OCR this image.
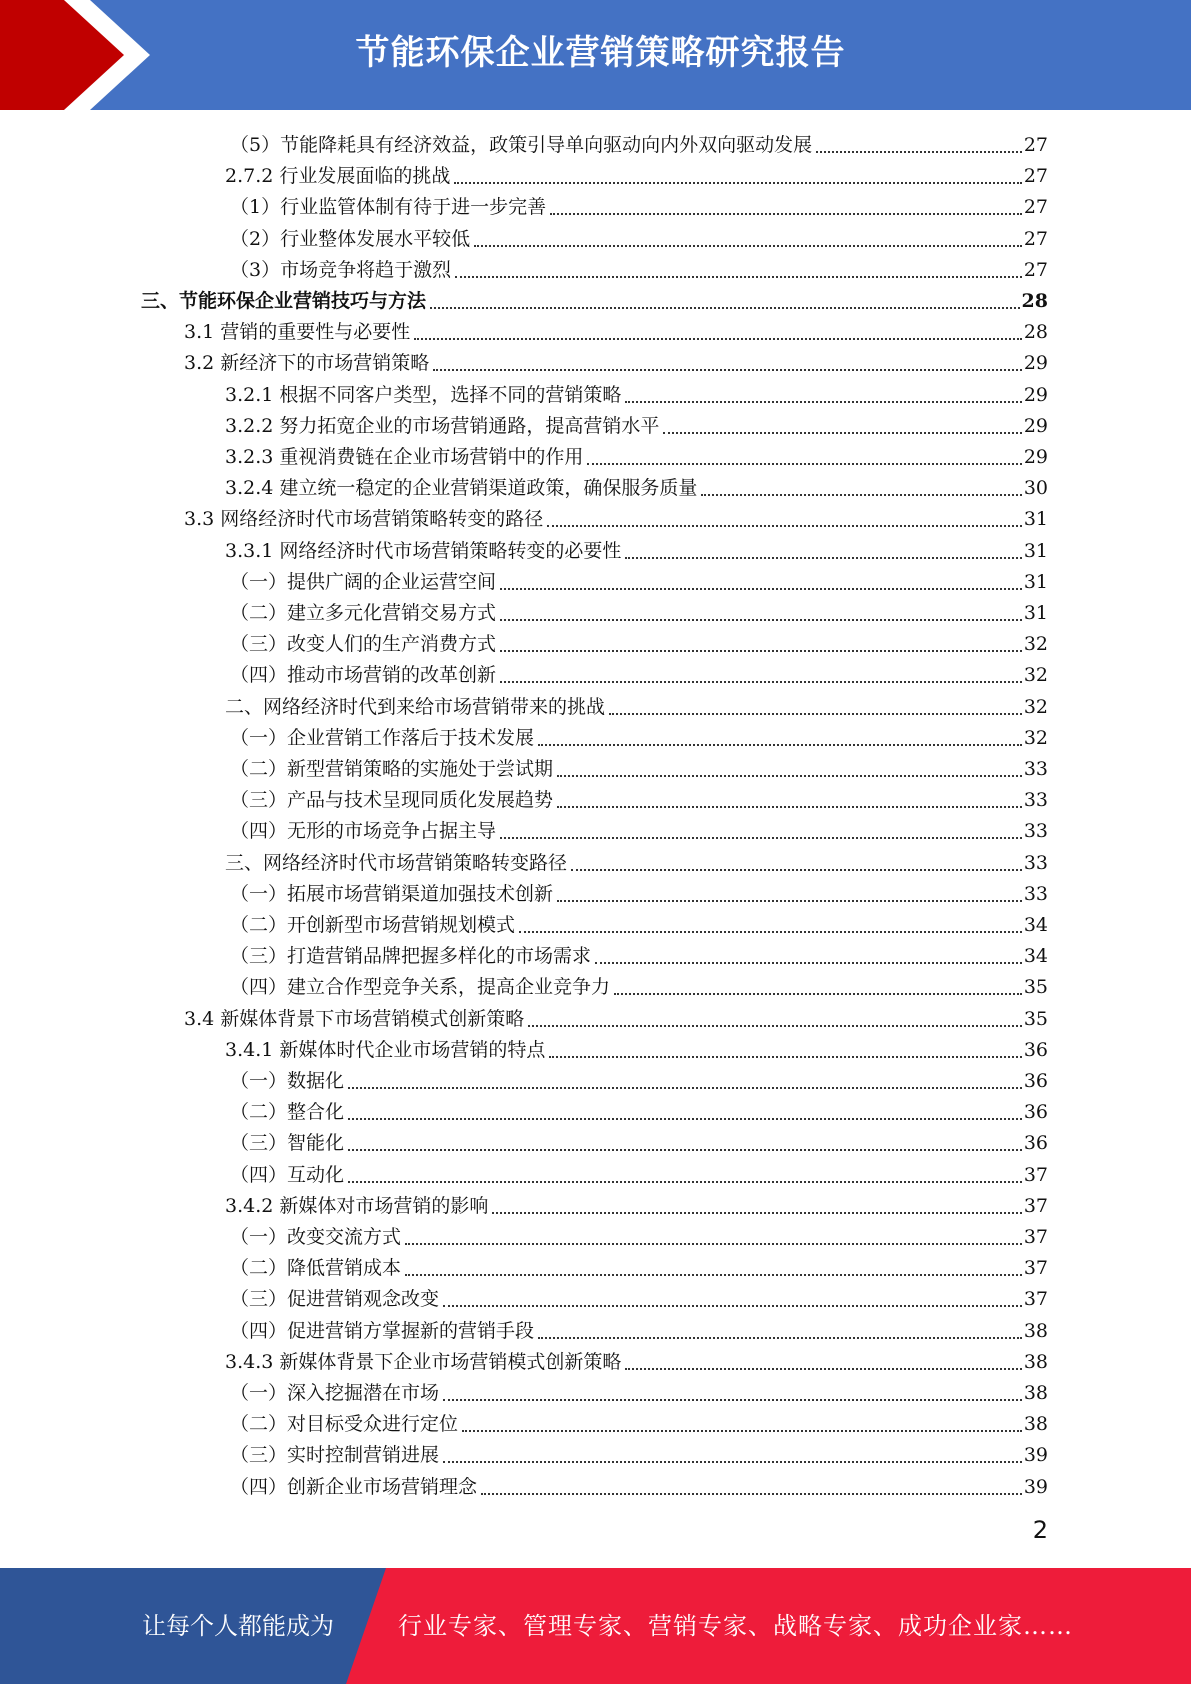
节能环保企业营销策略研究报告
（5）节能降耗具有经济效益，政策引导单向驱动向内外双向驱动发展	27
2.7.2 行业发展面临的挑战	27
（1）行业监管体制有待于进一步完善	27
（2）行业整体发展水平较低	27
（3）市场竞争将趋于激烈	27
三、节能环保企业营销技巧与方法	28
3.1 营销的重要性与必要性	28
3.2 新经济下的市场营销策略	29
3.2.1 根据不同客户类型，选择不同的营销策略	29
3.2.2 努力拓宽企业的市场营销通路，提高营销水平	29
3.2.3 重视消费链在企业市场营销中的作用	29
3.2.4 建立统一稳定的企业营销渠道政策，确保服务质量	30
3.3 网络经济时代市场营销策略转变的路径	31
3.3.1 网络经济时代市场营销策略转变的必要性	31
（一）提供广阔的企业运营空间	31
（二）建立多元化营销交易方式	31
（三）改变人们的生产消费方式	32
（四）推动市场营销的改革创新	32
二、网络经济时代到来给市场营销带来的挑战	32
（一）企业营销工作落后于技术发展	32
（二）新型营销策略的实施处于尝试期	33
（三）产品与技术呈现同质化发展趋势	33
（四）无形的市场竞争占据主导	33
三、网络经济时代市场营销策略转变路径	33
（一）拓展市场营销渠道加强技术创新	33
（二）开创新型市场营销规划模式	34
（三）打造营销品牌把握多样化的市场需求	34
（四）建立合作型竞争关系，提高企业竞争力	35
3.4 新媒体背景下市场营销模式创新策略	35
3.4.1 新媒体时代企业市场营销的特点	36
（一）数据化	36
（二）整合化	36
（三）智能化	36
（四）互动化	37
3.4.2 新媒体对市场营销的影响	37
（一）改变交流方式	37
（二）降低营销成本	37
（三）促进营销观念改变	37
（四）促进营销方掌握新的营销手段	38
3.4.3 新媒体背景下企业市场营销模式创新策略	38
（一）深入挖掘潜在市场	38
（二）对目标受众进行定位	38
（三）实时控制营销进展	39
（四）创新企业市场营销理念	39
2
让每个人都能成为	行业专家、管理专家、营销专家、战略专家、成功企业家……
